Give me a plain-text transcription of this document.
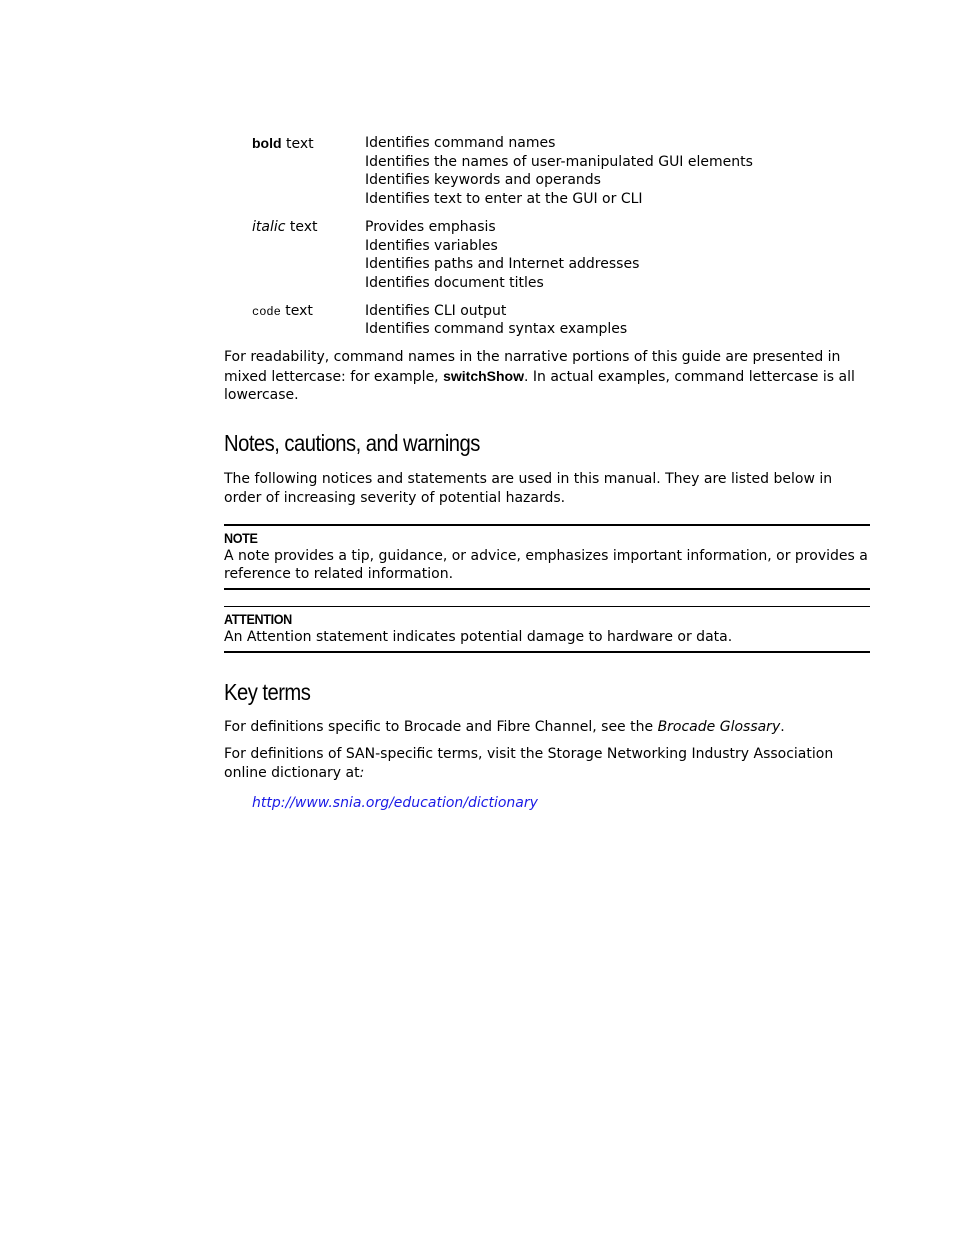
bold text	Identifies command names
Identifies the names of user-manipulated GUI elements
Identifies keywords and operands
Identifies text to enter at the GUI or CLI
italic text	Provides emphasis
Identifies variables
Identifies paths and Internet addresses
Identifies document titles
code text	Identifies CLI output
Identifies command syntax examples

For readability, command names in the narrative portions of this guide are presented in mixed lettercase: for example, switchShow. In actual examples, command lettercase is all lowercase.

Notes, cautions, and warnings

The following notices and statements are used in this manual. They are listed below in order of increasing severity of potential hazards.

NOTE
A note provides a tip, guidance, or advice, emphasizes important information, or provides a reference to related information.
ATTENTION
An Attention statement indicates potential damage to hardware or data.
Key terms

For definitions specific to Brocade and Fibre Channel, see the Brocade Glossary.

For definitions of SAN-specific terms, visit the Storage Networking Industry Association online dictionary at:

http://www.snia.org/education/dictionary
